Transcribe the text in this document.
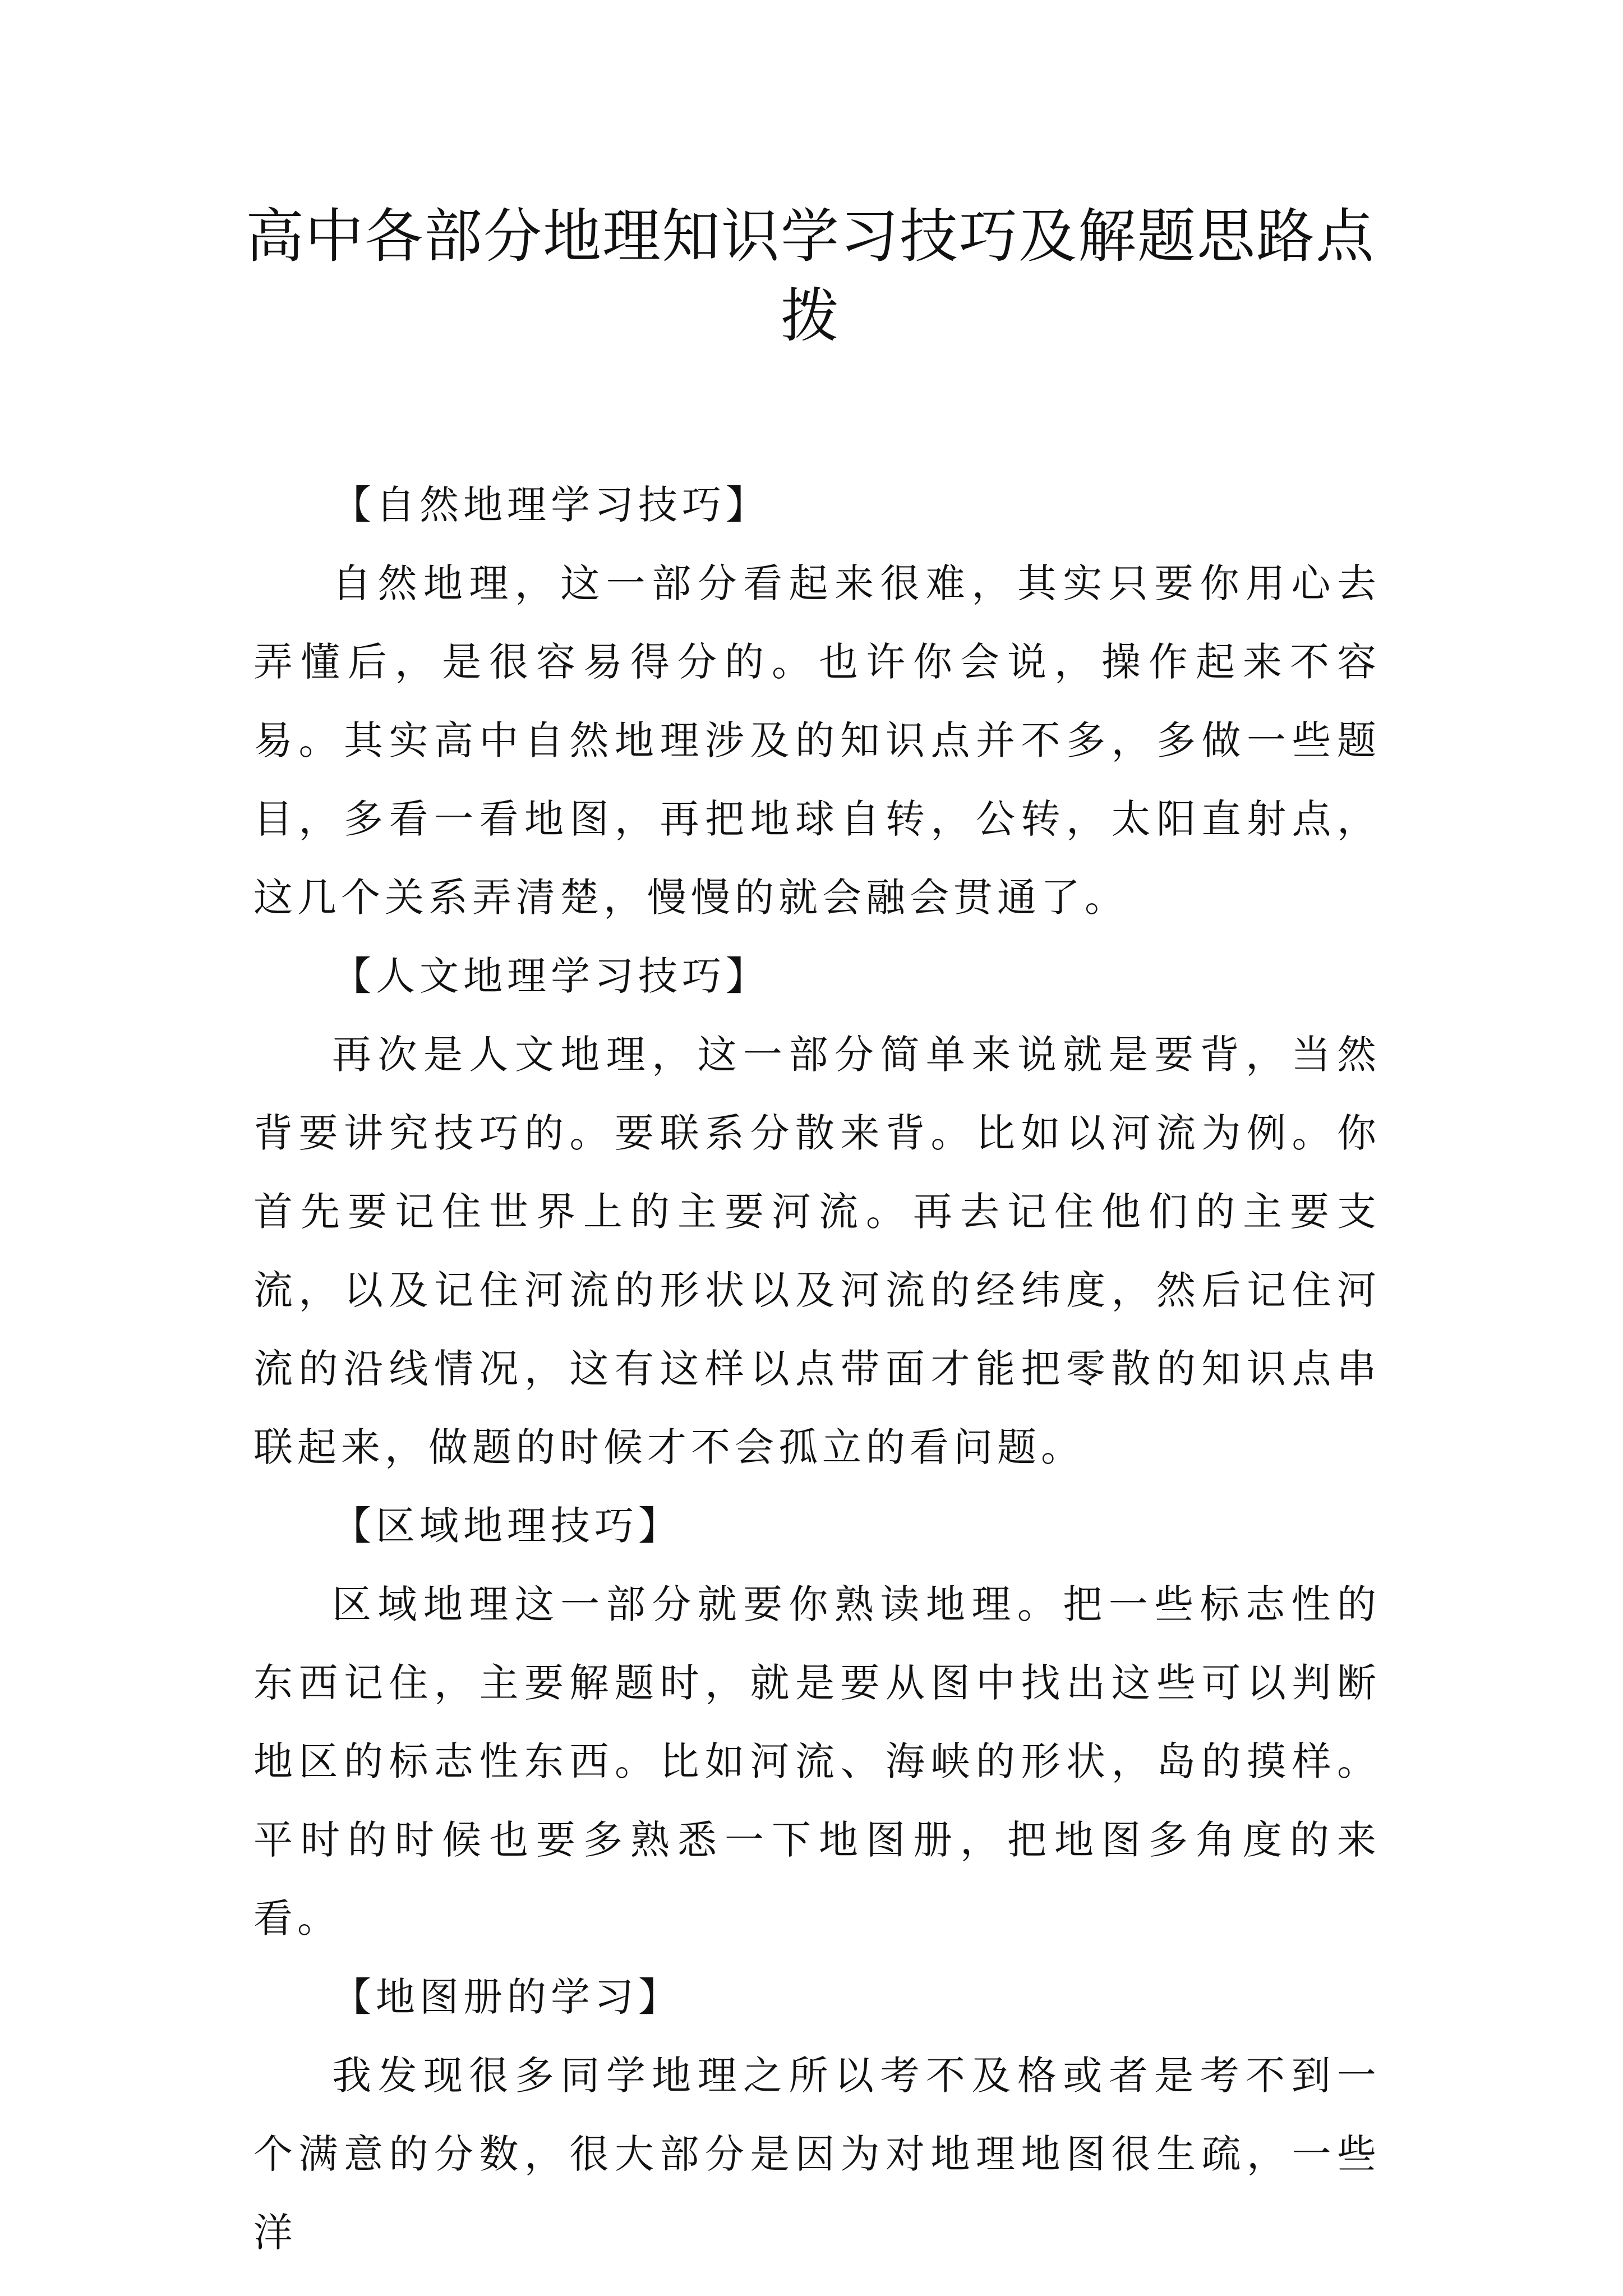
高中各部分地理知识学习技巧及解题思路点拨

【自然地理学习技巧】

自然地理，这一部分看起来很难，其实只要你用心去弄懂后，是很容易得分的。也许你会说，操作起来不容易。其实高中自然地理涉及的知识点并不多，多做一些题目，多看一看地图，再把地球自转，公转，太阳直射点，这几个关系弄清楚，慢慢的就会融会贯通了。

【人文地理学习技巧】

再次是人文地理，这一部分简单来说就是要背，当然背要讲究技巧的。要联系分散来背。比如以河流为例。你首先要记住世界上的主要河流。再去记住他们的主要支流，以及记住河流的形状以及河流的经纬度，然后记住河流的沿线情况，这有这样以点带面才能把零散的知识点串联起来，做题的时候才不会孤立的看问题。

【区域地理技巧】

区域地理这一部分就要你熟读地理。把一些标志性的东西记住，主要解题时，就是要从图中找出这些可以判断地区的标志性东西。比如河流、海峡的形状，岛的摸样。平时的时候也要多熟悉一下地图册，把地图多角度的来看。

【地图册的学习】

我发现很多同学地理之所以考不及格或者是考不到一个满意的分数，很大部分是因为对地理地图很生疏，一些洋
